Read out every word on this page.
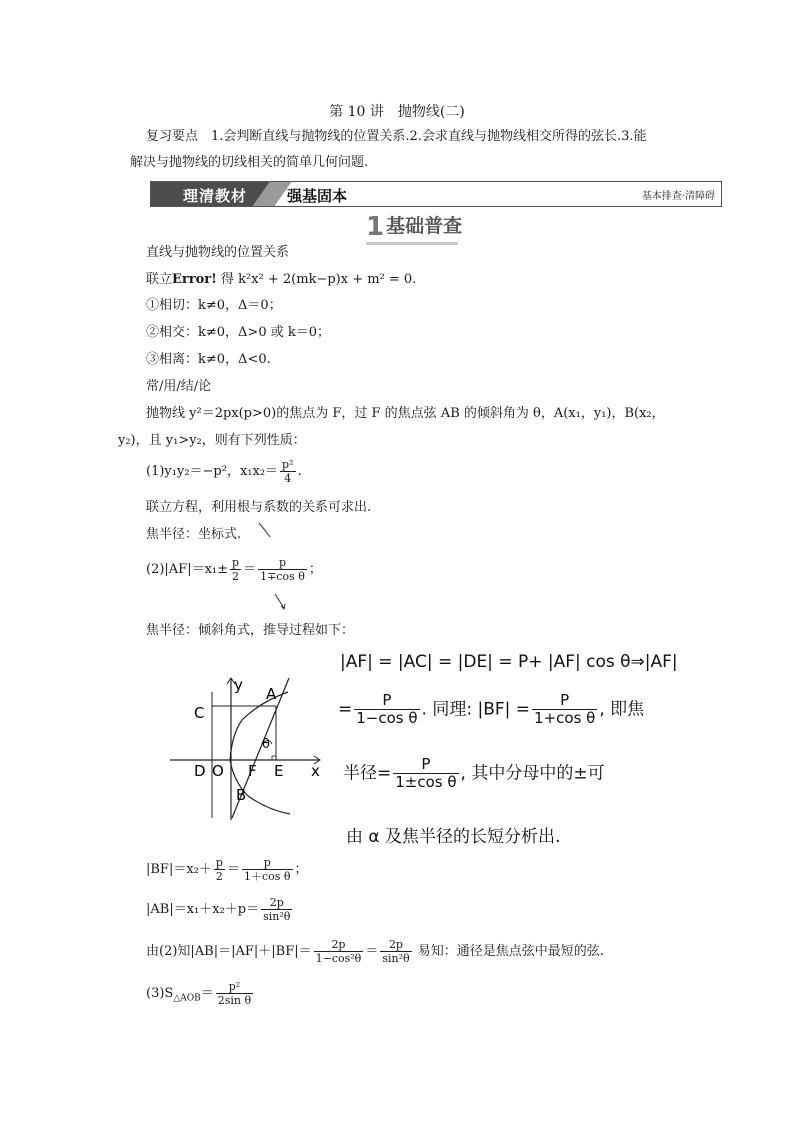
第 10 讲　抛物线(二)
复习要点　1.会判断直线与抛物线的位置关系.2.会求直线与抛物线相交所得的弦长.3.能
解决与抛物线的切线相关的简单几何问题.
理清教材	强基固本	基本排查·清障碍
1 基础普查
直线与抛物线的位置关系
联立Error! 得 k²x² + 2(mk−p)x + m² = 0.
①相切：k≠0，Δ＝0；
②相交：k≠0，Δ>0 或 k＝0；
③相离：k≠0，Δ<0.
常/用/结/论
抛物线 y²＝2px(p>0)的焦点为 F，过 F 的焦点弦 AB 的倾斜角为 θ，A(x₁，y₁)，B(x₂，
y₂)，且 y₁>y₂，则有下列性质：
(1)y₁y₂＝−p²，$x_1x_2= \frac{\text{p²}}{4}$ .
联立方程，利用根与系数的关系可求出.
焦半径：坐标式.
$(2)|AF|=x_1\pm \frac{p}{2} = \frac{p}{\text{1∓cos θ}}$ ；
焦半径：倾斜角式，推导过程如下：
y
x
A
C
D O F E
B
θ
|AF| = |AC| = |DE| = P+ |AF| cos θ⇒|AF|
= $\frac{P}{\text{1−cos θ}}$ . 同理: $|BF| = \frac{P}{\text{1+cos θ}}$ , 即焦
半径= $\frac{P}{\text{1±cos θ}}$ , 其中分母中的±可
由 α 及焦半径的长短分析出.
$|BF|=x_2+ \frac{p}{2} = \frac{p}{\text{1＋cos θ}}$ ；
$|AB|=x_1+x_2+p= \frac{2p}{\text{sin²θ}}$
由(2)知$|AB|=|AF|+|BF|= \frac{2p}{\text{1−cos²θ}} = \frac{2p}{\text{sin²θ}}$ 易知：通径是焦点弦中最短的弦.
$(3)S_{\triangle AOB}= \frac{\text{p²}}{\text{2sin θ}}$
